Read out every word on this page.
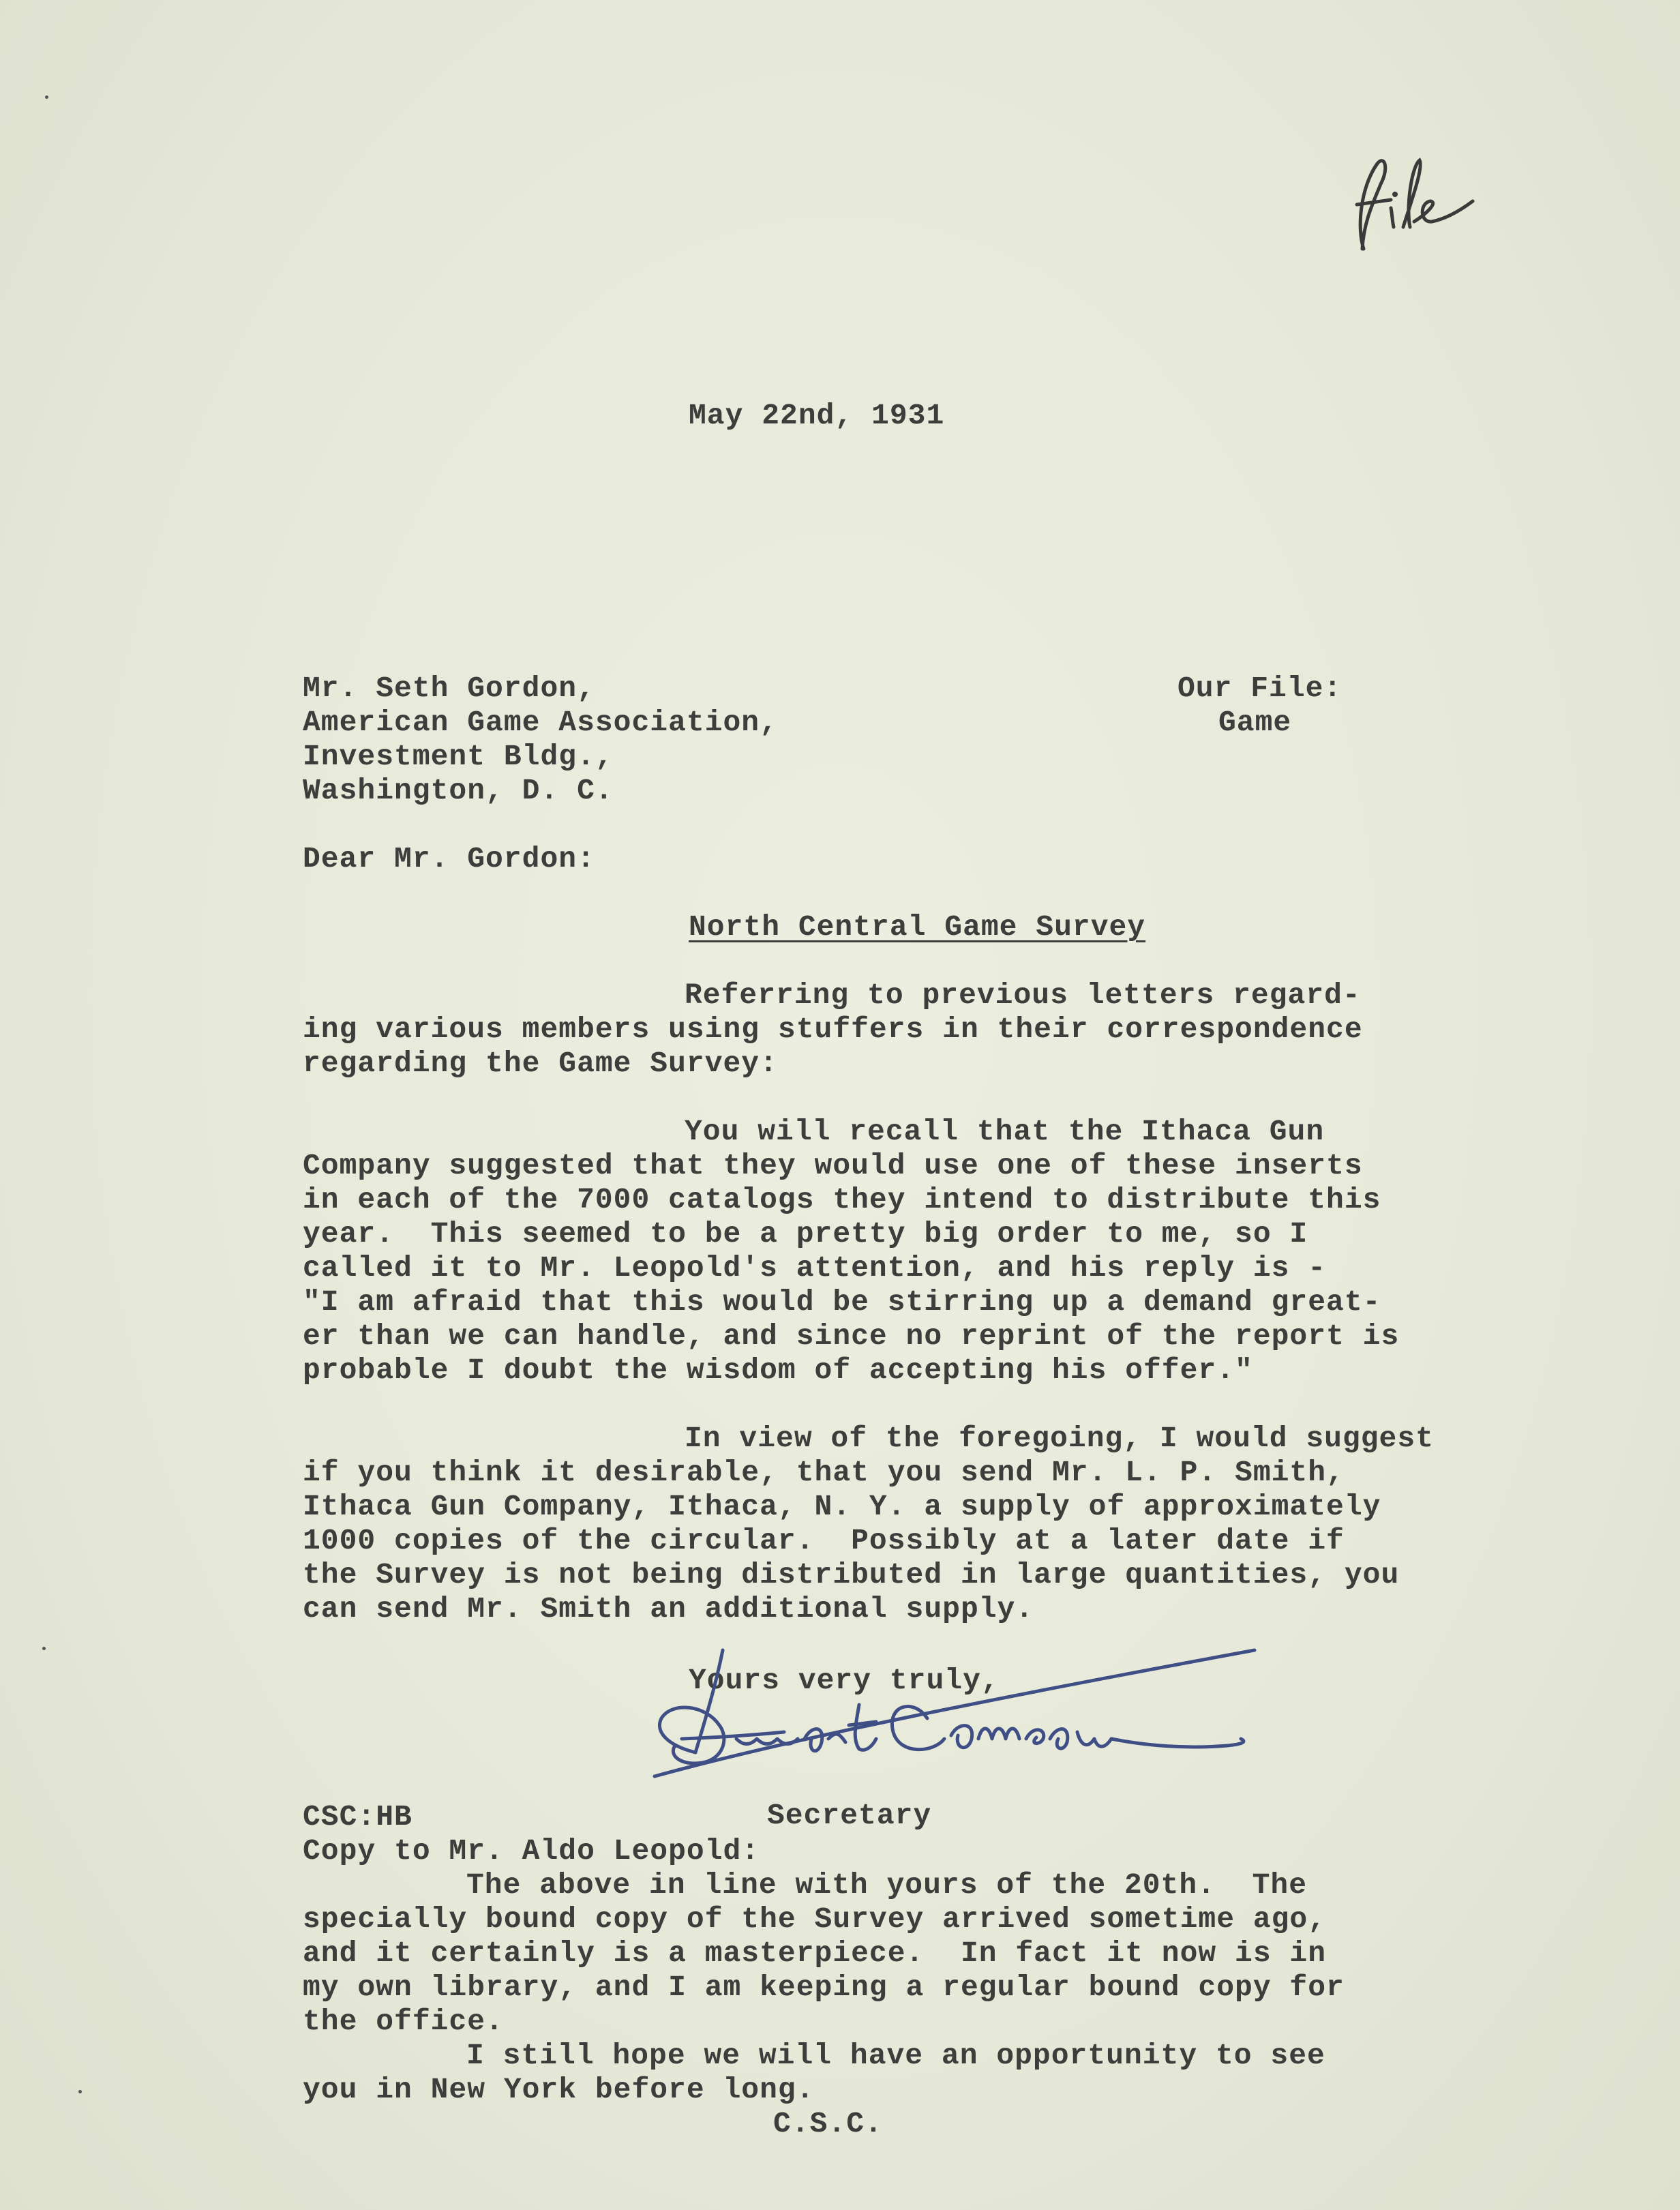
May 22nd, 1931
Mr. Seth Gordon,
American Game Association,
Investment Bldg.,
Washington, D. C.
Our File:
Game
Dear Mr. Gordon:
North Central Game Survey
Referring to previous letters regard-
ing various members using stuffers in their correspondence
regarding the Game Survey:
You will recall that the Ithaca Gun
Company suggested that they would use one of these inserts
in each of the 7000 catalogs they intend to distribute this
year.  This seemed to be a pretty big order to me, so I
called it to Mr. Leopold's attention, and his reply is -
"I am afraid that this would be stirring up a demand great-
er than we can handle, and since no reprint of the report is
probable I doubt the wisdom of accepting his offer."
In view of the foregoing, I would suggest
if you think it desirable, that you send Mr. L. P. Smith,
Ithaca Gun Company, Ithaca, N. Y. a supply of approximately
1000 copies of the circular.  Possibly at a later date if
the Survey is not being distributed in large quantities, you
can send Mr. Smith an additional supply.
Yours very truly,
Secretary
CSC:HB
Copy to Mr. Aldo Leopold:
The above in line with yours of the 20th.  The
specially bound copy of the Survey arrived sometime ago,
and it certainly is a masterpiece.  In fact it now is in
my own library, and I am keeping a regular bound copy for
the office.
I still hope we will have an opportunity to see
you in New York before long.
C.S.C.
